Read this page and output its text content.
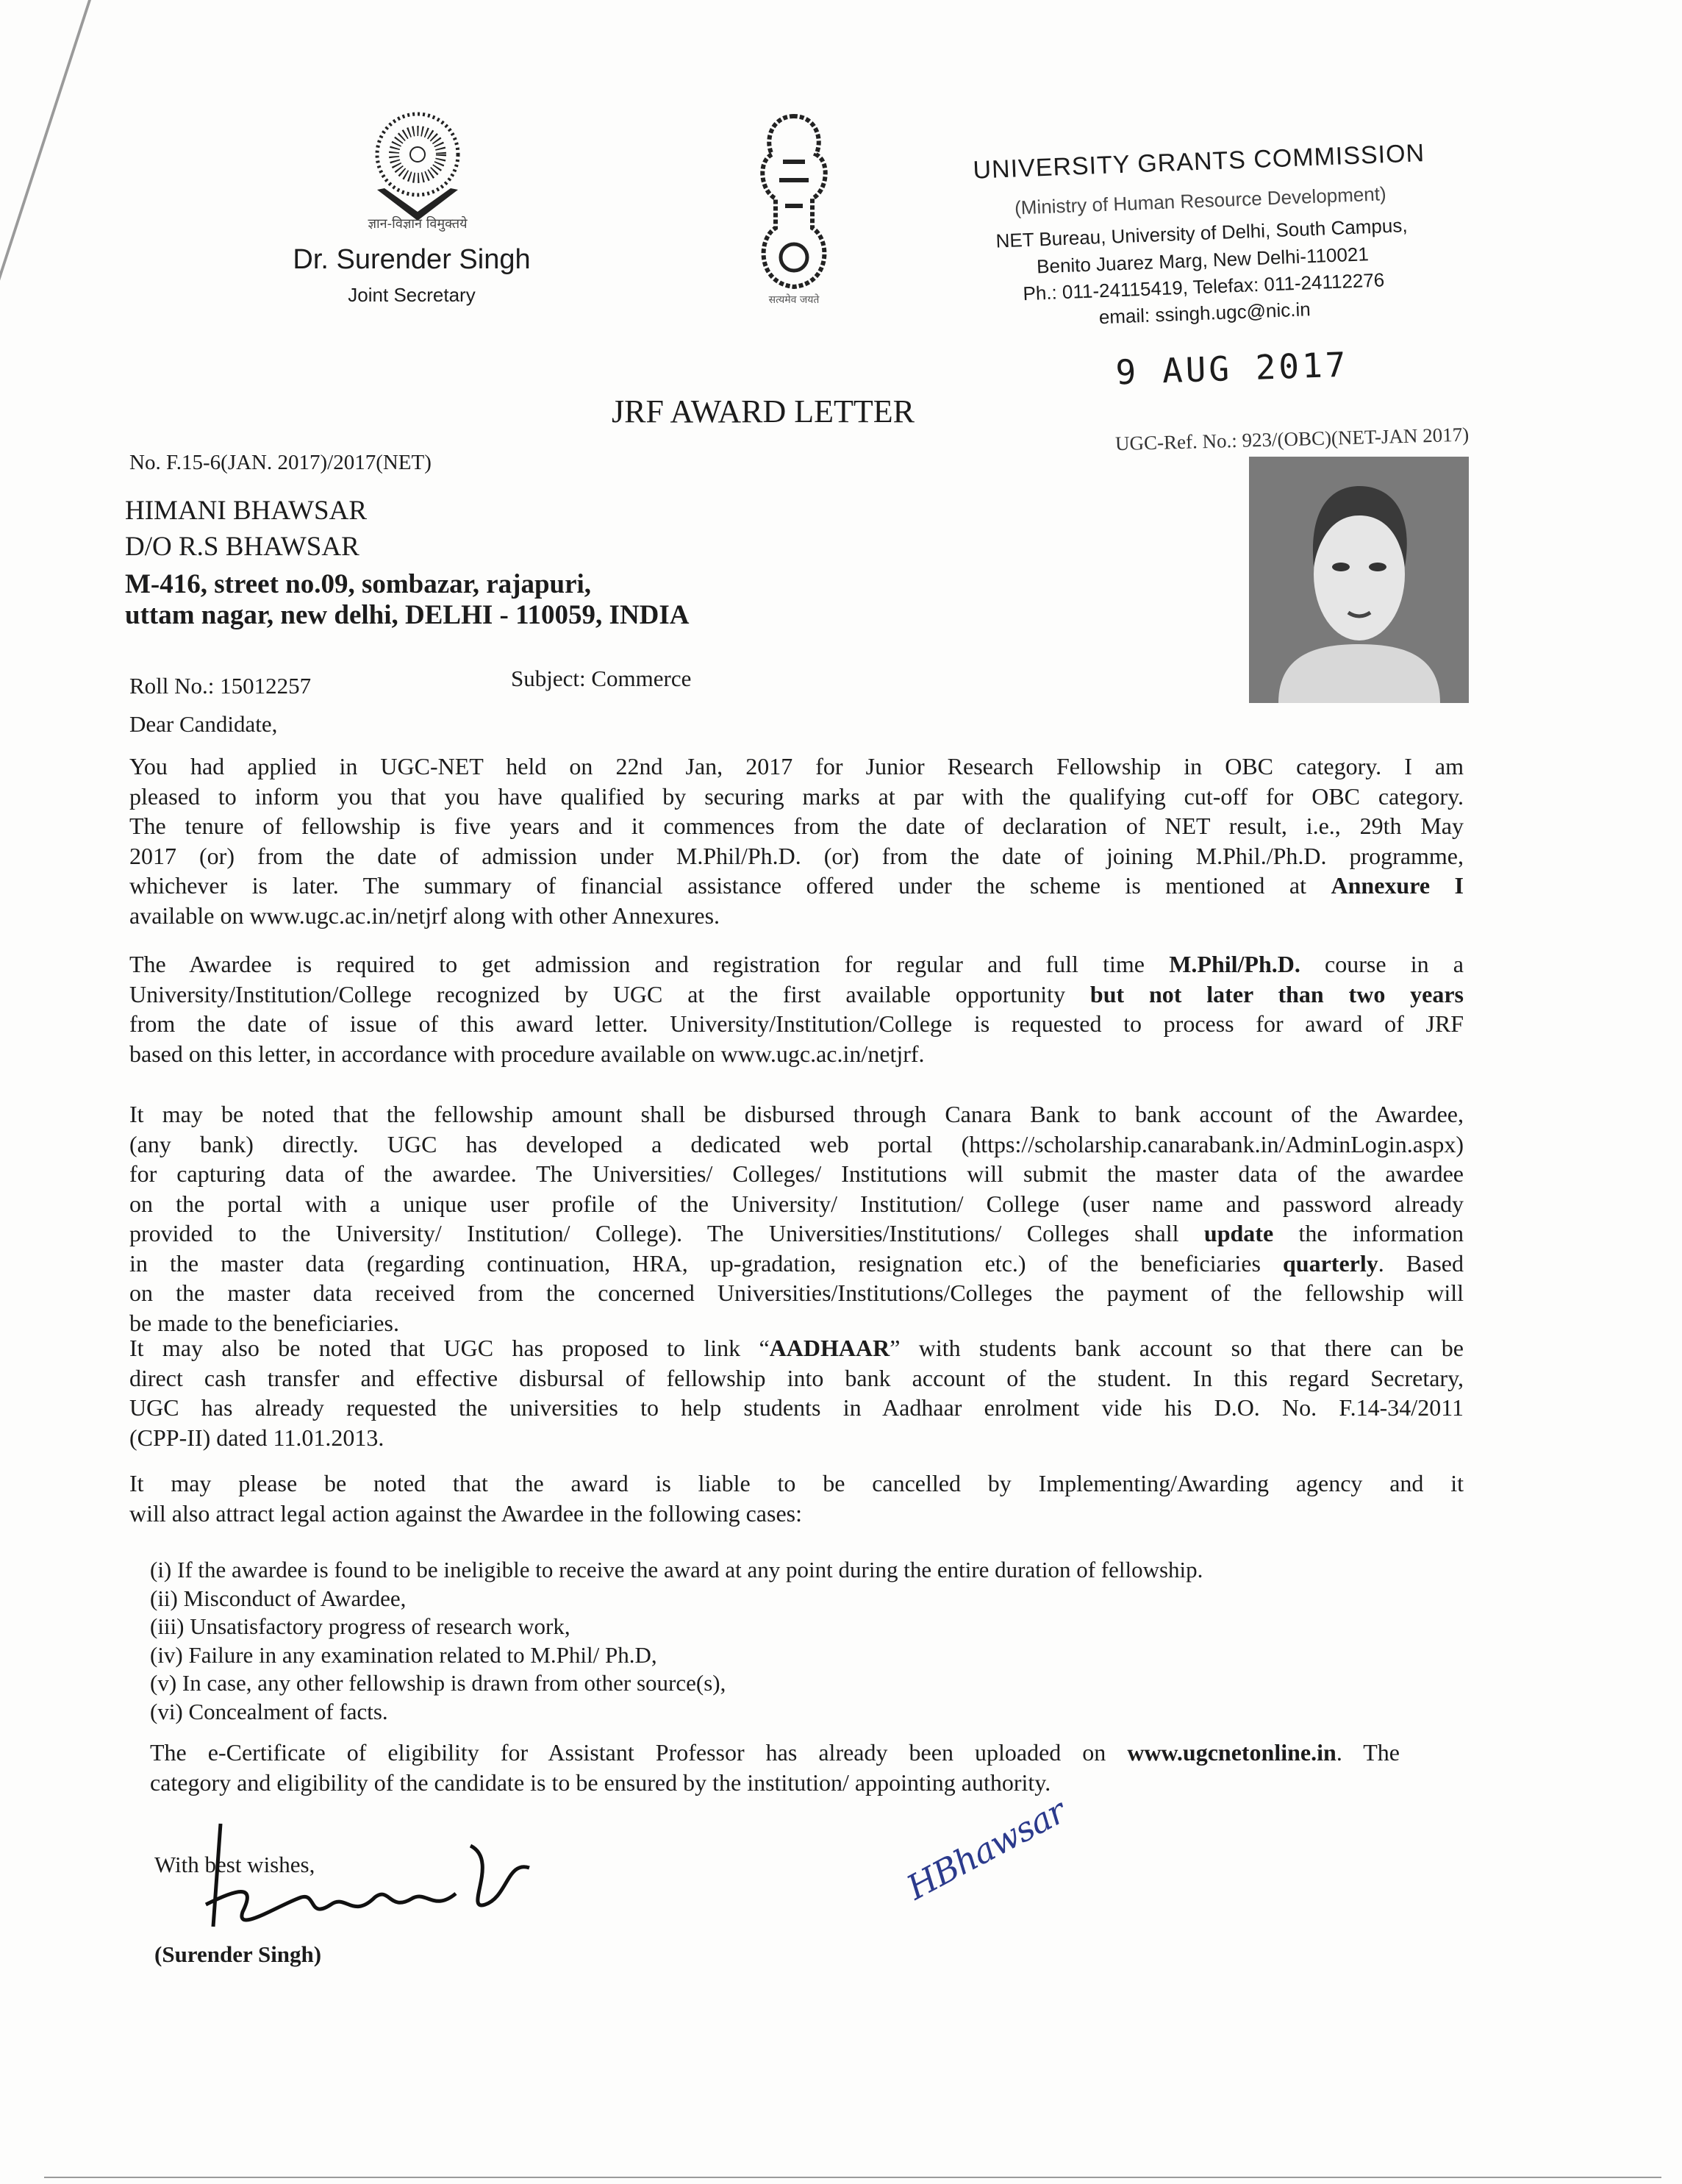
ज्ञान-विज्ञान विमुक्तये
Dr. Surender Singh
Joint Secretary	सत्यमेव जयते
UNIVERSITY GRANTS COMMISSION
(Ministry of Human Resource Development)
NET Bureau, University of Delhi, South Campus,
Benito Juarez Marg, New Delhi-110021
Ph.: 011-24115419, Telefax: 011-24112276
email: ssingh.ugc@nic.in
9 AUG 2017
JRF AWARD LETTER
UGC-Ref. No.: 923/(OBC)(NET-JAN 2017)
No. F.15-6(JAN. 2017)/2017(NET)
HIMANI BHAWSAR
D/O R.S BHAWSAR
M-416, street no.09, sombazar, rajapuri,
uttam nagar, new delhi, DELHI - 110059, INDIA
Roll No.: 15012257	Subject: Commerce
Dear Candidate,
You had applied in UGC-NET held on 22nd Jan, 2017 for Junior Research Fellowship in OBC category. I am
pleased to inform you that you have qualified by securing marks at par with the qualifying cut-off for OBC category.
The tenure of fellowship is five years and it commences from the date of declaration of NET result, i.e., 29th May
2017 (or) from the date of admission under M.Phil/Ph.D. (or) from the date of joining M.Phil./Ph.D. programme,
whichever is later. The summary of financial assistance offered under the scheme is mentioned at Annexure I
available on www.ugc.ac.in/netjrf along with other Annexures.
The Awardee is required to get admission and registration for regular and full time M.Phil/Ph.D. course in a
University/Institution/College recognized by UGC at the first available opportunity but not later than two years
from the date of issue of this award letter. University/Institution/College is requested to process for award of JRF
based on this letter, in accordance with procedure available on www.ugc.ac.in/netjrf.
It may be noted that the fellowship amount shall be disbursed through Canara Bank to bank account of the Awardee,
(any bank) directly. UGC has developed a dedicated web portal (https://scholarship.canarabank.in/AdminLogin.aspx)
for capturing data of the awardee. The Universities/ Colleges/ Institutions will submit the master data of the awardee
on the portal with a unique user profile of the University/ Institution/ College (user name and password already
provided to the University/ Institution/ College). The Universities/Institutions/ Colleges shall update the information
in the master data (regarding continuation, HRA, up-gradation, resignation etc.) of the beneficiaries quarterly. Based
on the master data received from the concerned Universities/Institutions/Colleges the payment of the fellowship will
be made to the beneficiaries.
It may also be noted that UGC has proposed to link “AADHAAR” with students bank account so that there can be
direct cash transfer and effective disbursal of fellowship into bank account of the student. In this regard Secretary,
UGC has already requested the universities to help students in Aadhaar enrolment vide his D.O. No. F.14-34/2011
(CPP-II) dated 11.01.2013.
It may please be noted that the award is liable to be cancelled by Implementing/Awarding agency and it
will also attract legal action against the Awardee in the following cases:
(i) If the awardee is found to be ineligible to receive the award at any point during the entire duration of fellowship.
(ii) Misconduct of Awardee,
(iii) Unsatisfactory progress of research work,
(iv) Failure in any examination related to M.Phil/ Ph.D,
(v) In case, any other fellowship is drawn from other source(s),
(vi) Concealment of facts.
The e-Certificate of eligibility for Assistant Professor has already been uploaded on www.ugcnetonline.in. The
category and eligibility of the candidate is to be ensured by the institution/ appointing authority.
With best wishes,
(Surender Singh)
HBhawsar
